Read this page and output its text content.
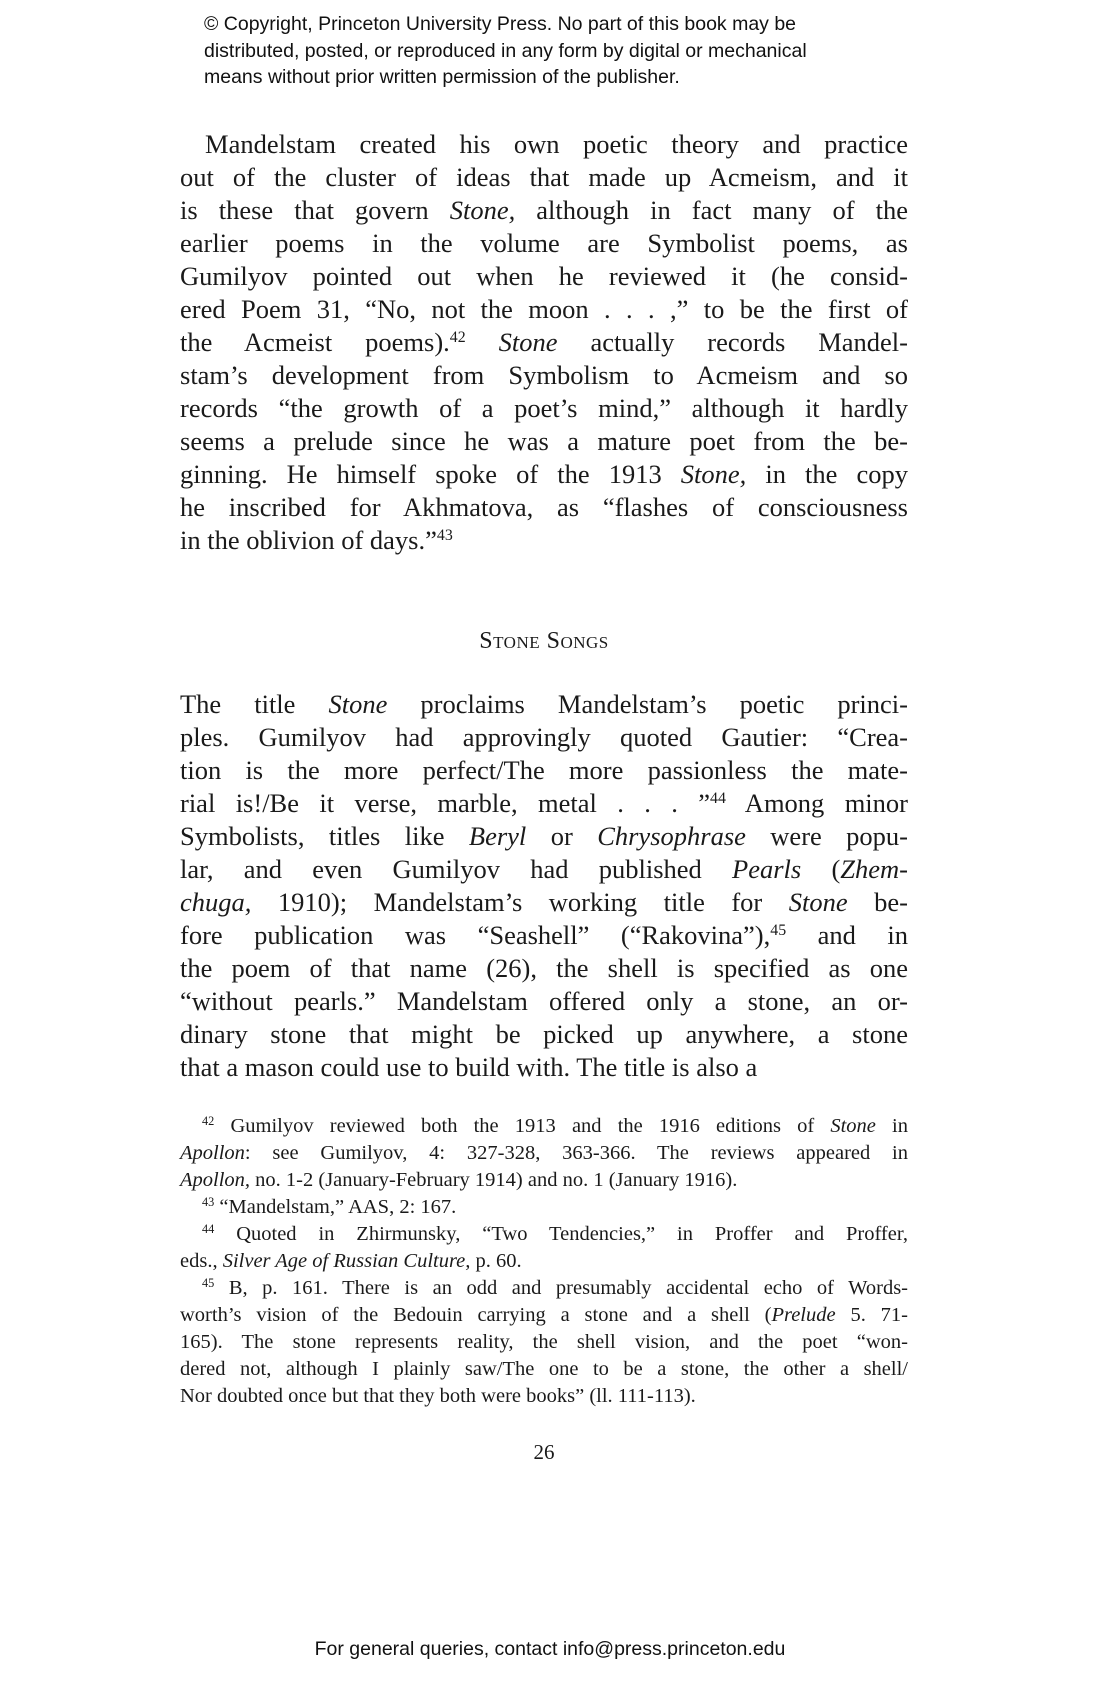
© Copyright, Princeton University Press. No part of this book may be
distributed, posted, or reproduced in any form by digital or mechanical
means without prior written permission of the publisher.
Mandelstam created his own poetic theory and practice
out of the cluster of ideas that made up Acmeism, and it
is these that govern Stone, although in fact many of the
earlier poems in the volume are Symbolist poems, as
Gumilyov pointed out when he reviewed it (he consid-
ered Poem 31, “No, not the moon . . . ,” to be the first of
the Acmeist poems).$^{42}$ Stone actually records Mandel-
stam’s development from Symbolism to Acmeism and so
records “the growth of a poet’s mind,” although it hardly
seems a prelude since he was a mature poet from the be-
ginning. He himself spoke of the 1913 Stone, in the copy
he inscribed for Akhmatova, as “flashes of consciousness
in the oblivion of days.”$^{43}$
Stone Songs
The title Stone proclaims Mandelstam’s poetic princi-
ples. Gumilyov had approvingly quoted Gautier: “Crea-
tion is the more perfect/The more passionless the mate-
rial is!/Be it verse, marble, metal . . . ”$^{44}$ Among minor
Symbolists, titles like Beryl or Chrysophrase were popu-
lar, and even Gumilyov had published Pearls (Zhem-
chuga, 1910); Mandelstam’s working title for Stone be-
fore publication was “Seashell” (“Rakovina”),$^{45}$ and in
the poem of that name (26), the shell is specified as one
“without pearls.” Mandelstam offered only a stone, an or-
dinary stone that might be picked up anywhere, a stone
that a mason could use to build with. The title is also a
$^{42}$ Gumilyov reviewed both the 1913 and the 1916 editions of Stone in
Apollon: see Gumilyov, 4: 327-328, 363-366. The reviews appeared in
Apollon, no. 1-2 (January-February 1914) and no. 1 (January 1916).
$^{43}$ “Mandelstam,” AAS, 2: 167.
$^{44}$ Quoted in Zhirmunsky, “Two Tendencies,” in Proffer and Proffer,
eds., Silver Age of Russian Culture, p. 60.
$^{45}$ B, p. 161. There is an odd and presumably accidental echo of Words-
worth’s vision of the Bedouin carrying a stone and a shell (Prelude 5. 71-
165). The stone represents reality, the shell vision, and the poet “won-
dered not, although I plainly saw/The one to be a stone, the other a shell/
Nor doubted once but that they both were books” (ll. 111-113).
26
For general queries, contact info@press.princeton.edu
